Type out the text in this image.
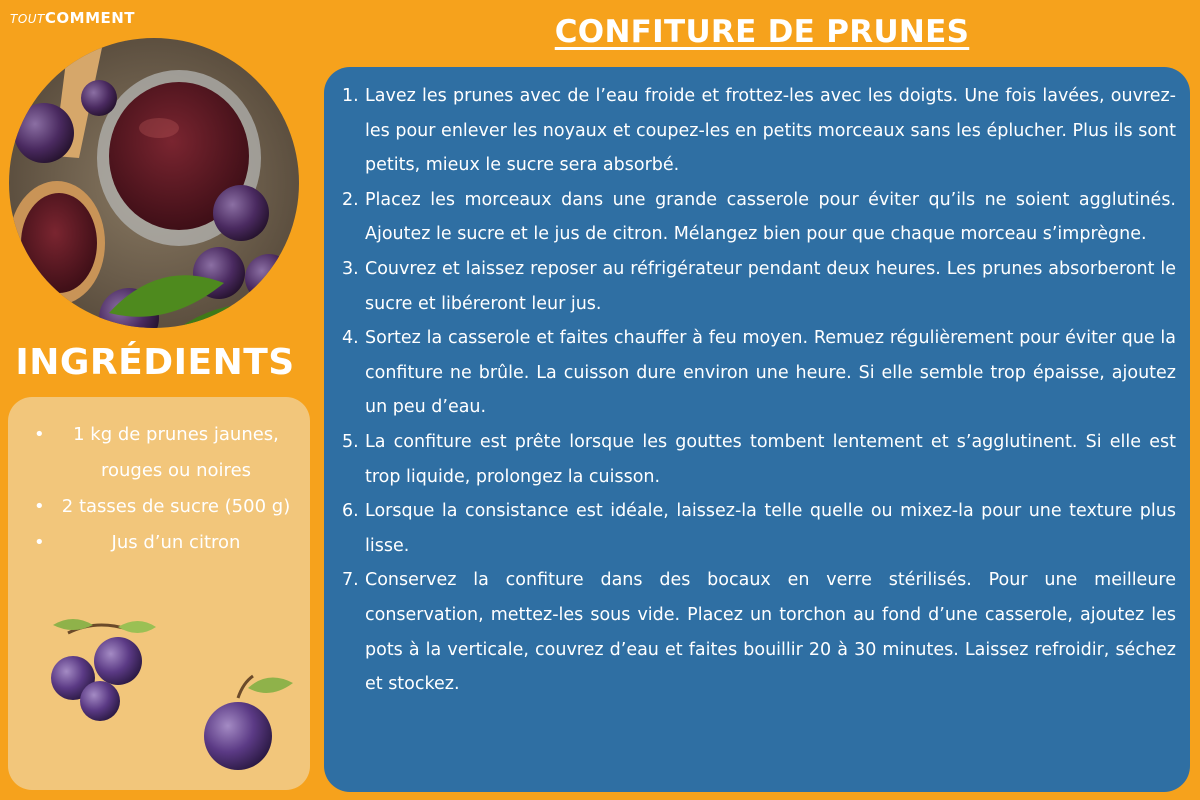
TOUTCOMMENT
INGRÉDIENTS
•	1 kg de prunes jaunes, rouges ou noires
• 2 tasses de sucre (500 g)
•	Jus d’un citron
CONFITURE DE PRUNES
1. Lavez les prunes avec de l’eau froide et frottez-les avec les doigts. Une fois lavées, ouvrez-les pour enlever les noyaux et coupez-les en petits morceaux sans les éplucher. Plus ils sont petits, mieux le sucre sera absorbé.
2. Placez les morceaux dans une grande casserole pour éviter qu’ils ne soient agglutinés. Ajoutez le sucre et le jus de citron. Mélangez bien pour que chaque morceau s’imprègne.
3. Couvrez et laissez reposer au réfrigérateur pendant deux heures. Les prunes absorberont le sucre et libéreront leur jus.
4. Sortez la casserole et faites chauffer à feu moyen. Remuez régulièrement pour éviter que la confiture ne brûle. La cuisson dure environ une heure. Si elle semble trop épaisse, ajoutez un peu d’eau.
5. La confiture est prête lorsque les gouttes tombent lentement et s’agglutinent. Si elle est trop liquide, prolongez la cuisson.
6. Lorsque la consistance est idéale, laissez-la telle quelle ou mixez-la pour une texture plus lisse.
7. Conservez la confiture dans des bocaux en verre stérilisés. Pour une meilleure conservation, mettez-les sous vide. Placez un torchon au fond d’une casserole, ajoutez les pots à la verticale, couvrez d’eau et faites bouillir 20 à 30 minutes. Laissez refroidir, séchez et stockez.
